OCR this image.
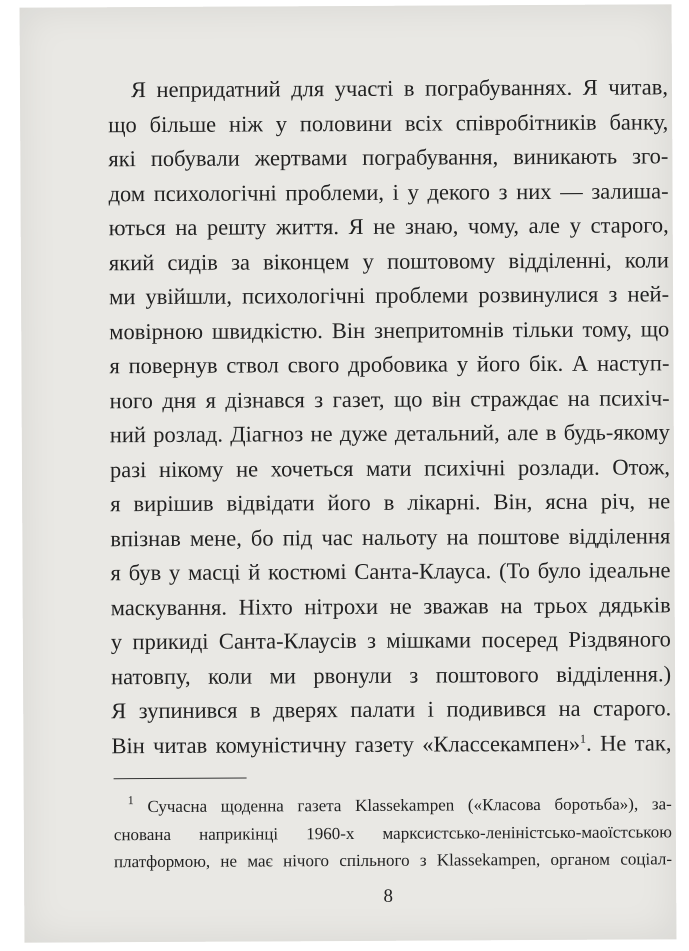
Я непридатний для участі в пограбуваннях. Я читав,
що більше ніж у половини всіх співробітників банку,
які побували жертвами пограбування, виникають зго-
дом психологічні проблеми, і у декого з них — залиша-
ються на решту життя. Я не знаю, чому, але у старого,
який сидів за віконцем у поштовому відділенні, коли
ми увійшли, психологічні проблеми розвинулися з ней-
мовірною швидкістю. Він знепритомнів тільки тому, що
я повернув ствол свого дробовика у його бік. А наступ-
ного дня я дізнався з газет, що він страждає на психіч-
ний розлад. Діагноз не дуже детальний, але в будь-якому
разі нікому не хочеться мати психічні розлади. Отож,
я вирішив відвідати його в лікарні. Він, ясна річ, не
впізнав мене, бо під час нальоту на поштове відділення
я був у масці й костюмі Санта-Клауса. (То було ідеальне
маскування. Ніхто нітрохи не зважав на трьох дядьків
у прикиді Санта-Клаусів з мішками посеред Різдвяного
натовпу, коли ми рвонули з поштового відділення.)
Я зупинився в дверях палати і подивився на старого.
Він читав комуністичну газету «Классекампен»$^1$. Не так,
$^1$ Сучасна щоденна газета Klassekampen («Класова боротьба»), за-
снована наприкінці 1960-х марксистсько-леніністсько-маоїстською
платформою, не має нічого спільного з Klassekampen, органом соціал-
8
